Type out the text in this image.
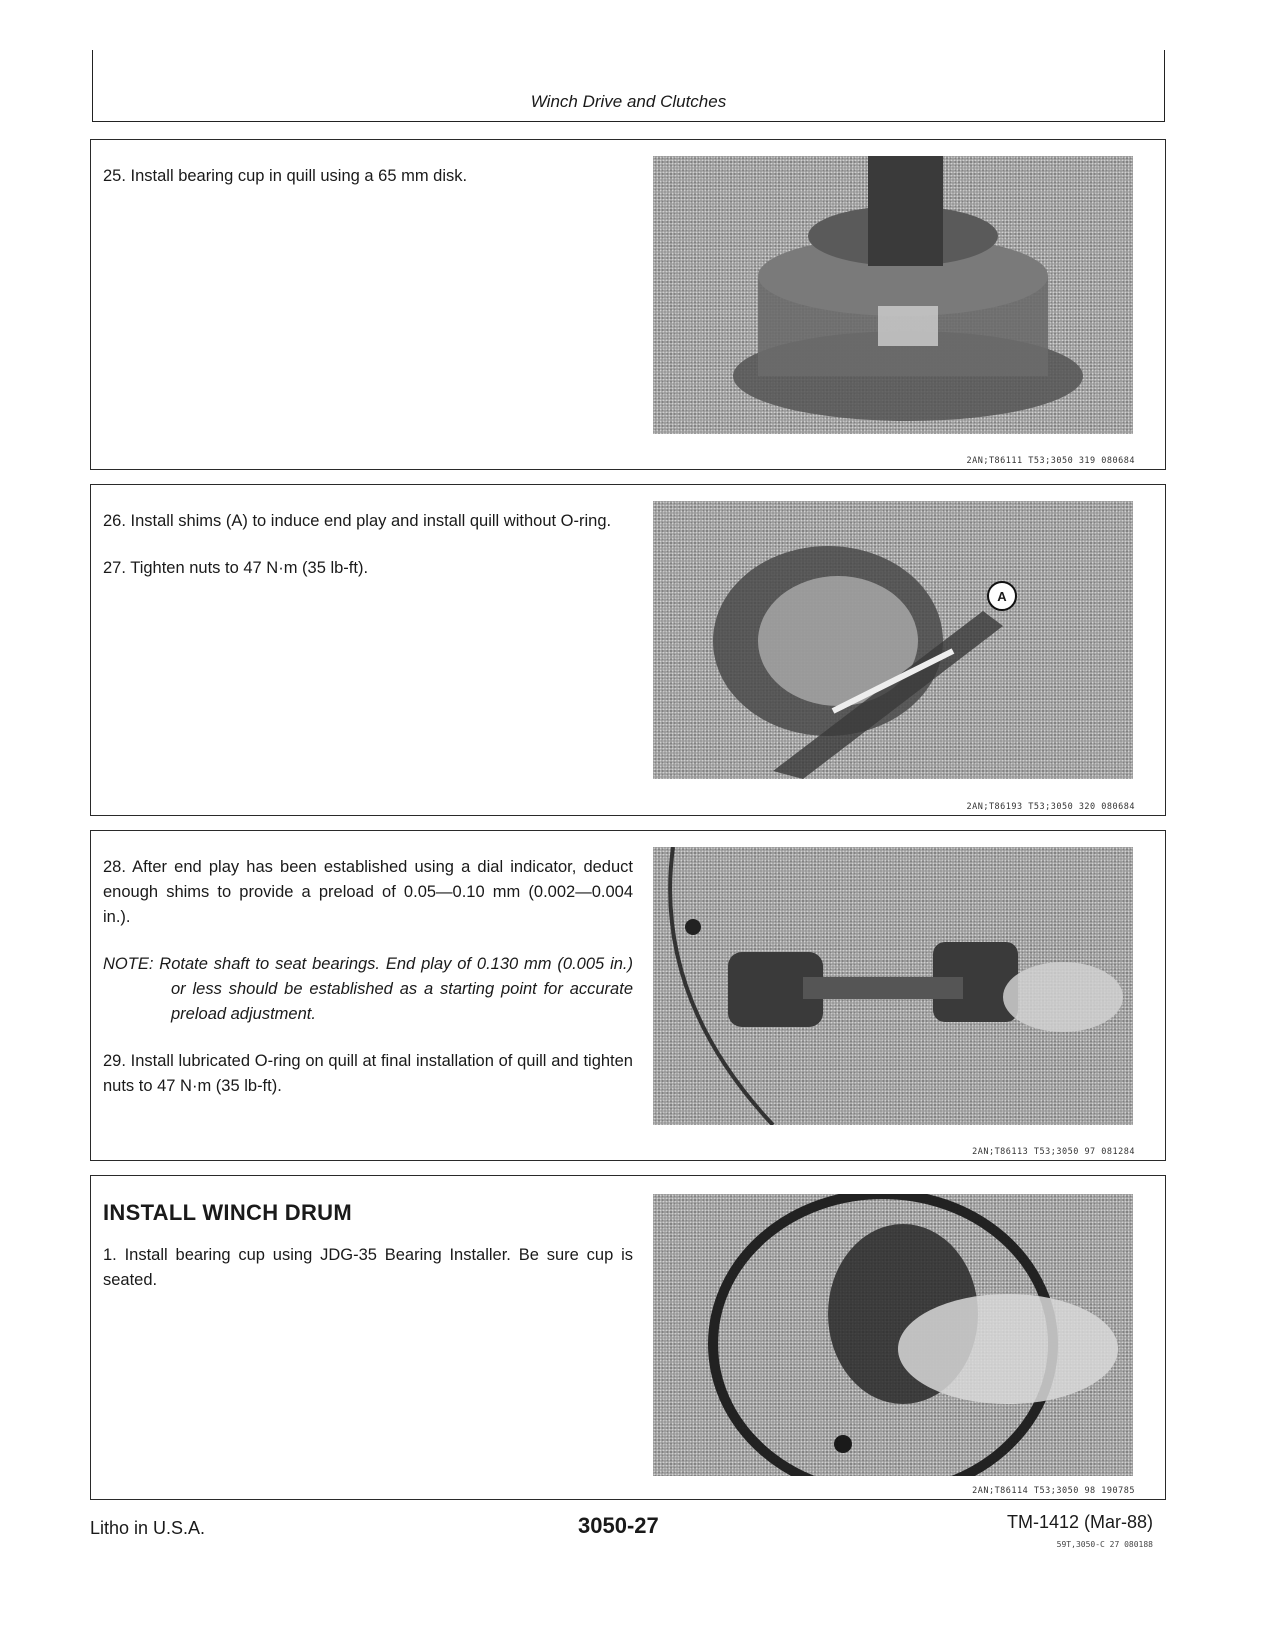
Winch Drive and Clutches

25. Install bearing cup in quill using a 65 mm disk.

2AN;T86111 T53;3050 319 080684

26. Install shims (A) to induce end play and install quill without O-ring.

27. Tighten nuts to 47 N·m (35 lb-ft).

A
2AN;T86193 T53;3050 320 080684

28. After end play has been established using a dial indicator, deduct enough shims to provide a preload of 0.05—0.10 mm (0.002—0.004 in.).

NOTE: Rotate shaft to seat bearings. End play of 0.130 mm (0.005 in.) or less should be established as a starting point for accurate preload adjustment.

29. Install lubricated O-ring on quill at final installation of quill and tighten nuts to 47 N·m (35 lb-ft).

2AN;T86113 T53;3050 97 081284
INSTALL WINCH DRUM

1. Install bearing cup using JDG-35 Bearing Installer. Be sure cup is seated.

2AN;T86114 T53;3050 98 190785
Litho in U.S.A.	3050-27	TM-1412 (Mar-88)
59T,3050-C 27 080188
